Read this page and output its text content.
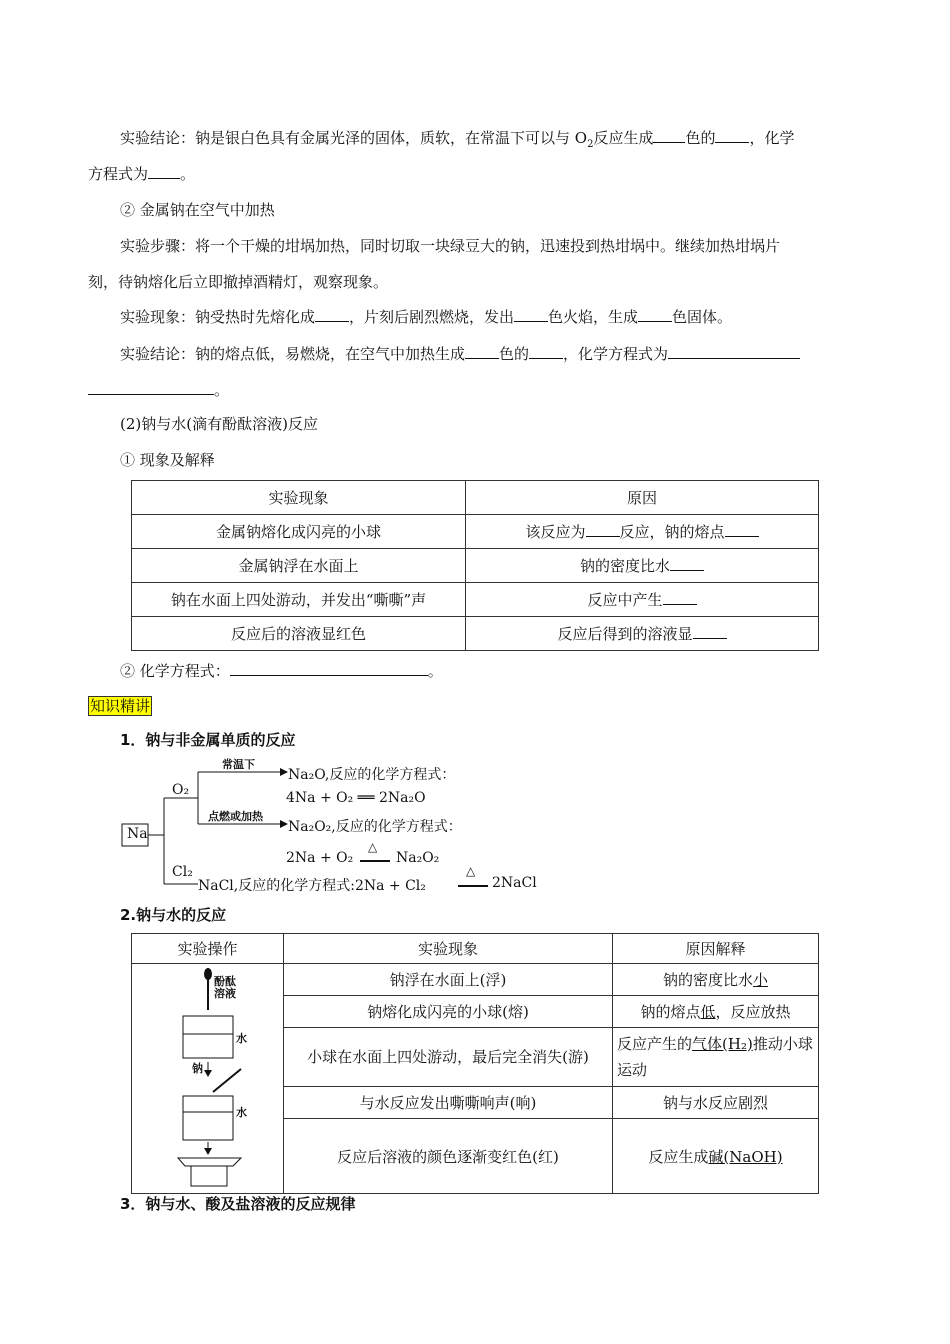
实验结论：钠是银白色具有金属光泽的固体，质软，在常温下可以与 $O_2$反应生成 色的 ，化学
方程式为 。
② 金属钠在空气中加热
实验步骤：将一个干燥的坩埚加热，同时切取一块绿豆大的钠，迅速投到热坩埚中。继续加热坩埚片
刻，待钠熔化后立即撤掉酒精灯，观察现象。
实验现象：钠受热时先熔化成 ，片刻后剧烈燃烧，发出 色火焰，生成 色固体。
实验结论：钠的熔点低，易燃烧，在空气中加热生成 色的 ，化学方程式为
。
(2)钠与水(滴有酚酞溶液)反应
① 现象及解释
实验现象	原因
金属钠熔化成闪亮的小球	该反应为 反应，钠的熔点
金属钠浮在水面上	钠的密度比水
钠在水面上四处游动，并发出“嘶嘶”声	反应中产生
反应后的溶液显红色	反应后得到的溶液显
② 化学方程式：	。
知识精讲
1．钠与非金属单质的反应
Na
O₂
Cl₂
常温下
Na₂O,反应的化学方程式：
4Na + O₂ ══ 2Na₂O
点燃或加热
Na₂O₂,反应的化学方程式：
2Na + O₂
△
Na₂O₂
NaCl,反应的化学方程式:2Na + Cl₂
△
2NaCl
2.钠与水的反应
实验操作	实验现象	原因解释

酚酞
溶液
水
钠
水	钠浮在水面上(浮)	钠的密度比水小
	钠熔化成闪亮的小球(熔)	钠的熔点低，反应放热
	小球在水面上四处游动，最后完全消失(游)	反应产生的气体(H₂)推动小球运动
	与水反应发出嘶嘶响声(响)	钠与水反应剧烈
	反应后溶液的颜色逐渐变红色(红)	反应生成碱(NaOH)
3．钠与水、酸及盐溶液的反应规律
